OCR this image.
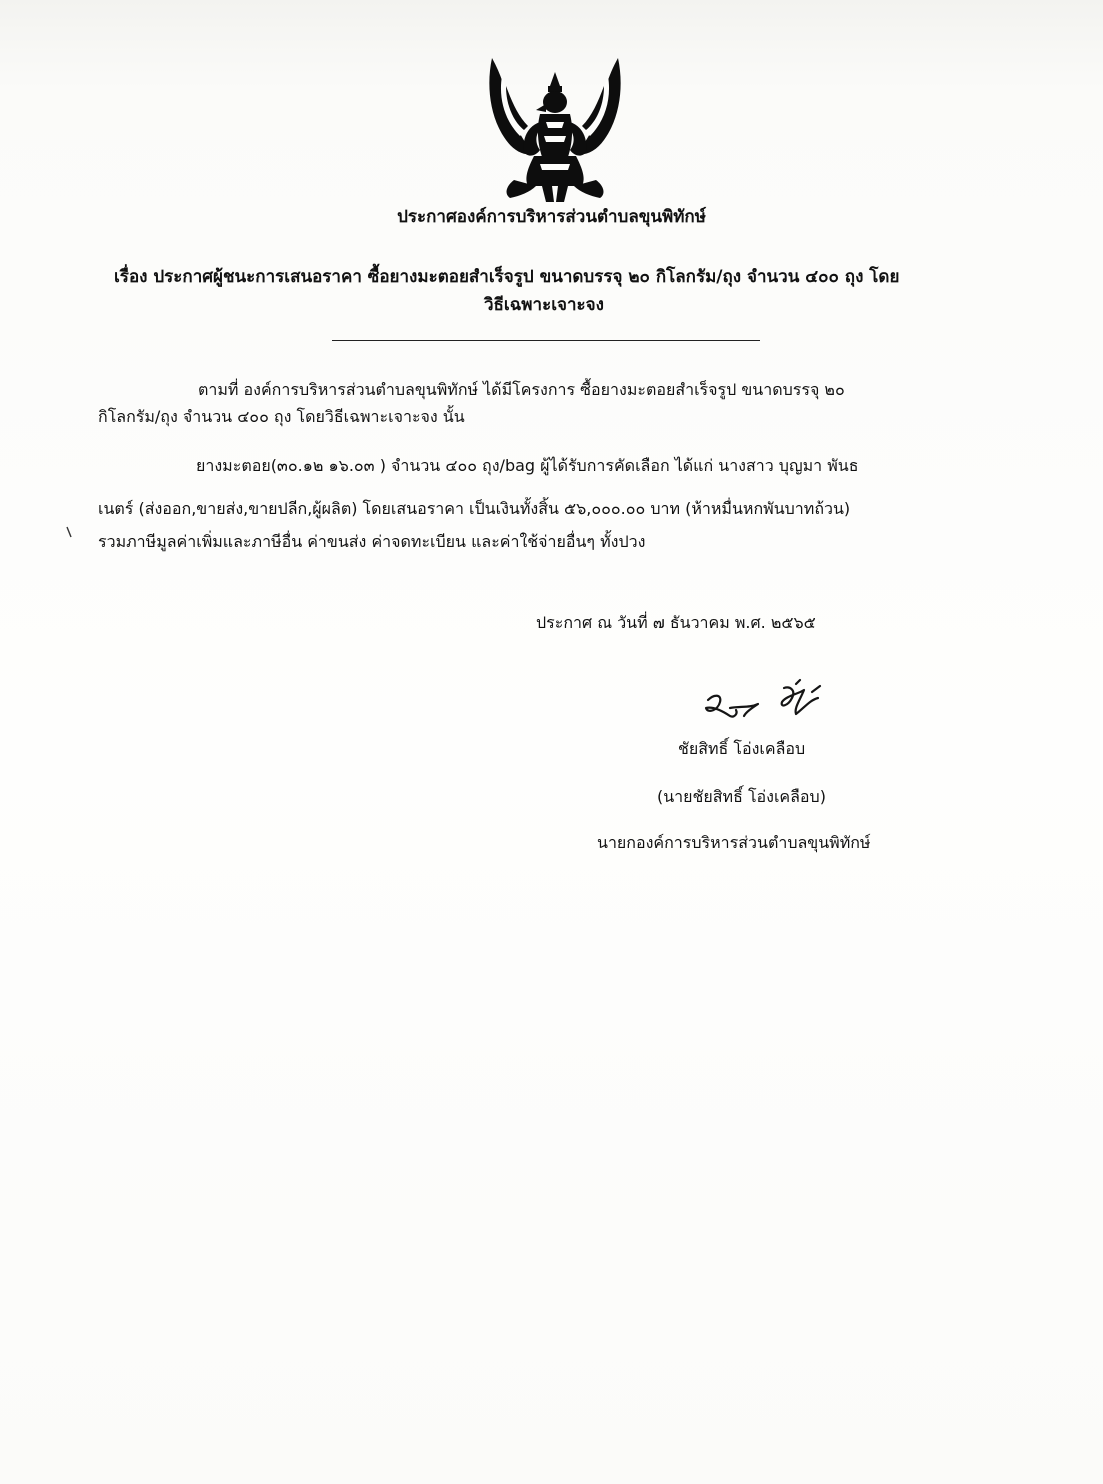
ประกาศองค์การบริหารส่วนตำบลขุนพิทักษ์
เรื่อง ประกาศผู้ชนะการเสนอราคา ซื้อยางมะตอยสำเร็จรูป ขนาดบรรจุ ๒๐ กิโลกรัม/ถุง จำนวน ๔๐๐ ถุง โดย
วิธีเฉพาะเจาะจง
ตามที่ องค์การบริหารส่วนตำบลขุนพิทักษ์ ได้มีโครงการ ซื้อยางมะตอยสำเร็จรูป ขนาดบรรจุ ๒๐
กิโลกรัม/ถุง จำนวน ๔๐๐ ถุง โดยวิธีเฉพาะเจาะจง นั้น
ยางมะตอย(๓๐.๑๒ ๑๖.๐๓ ) จำนวน ๔๐๐ ถุง/bag ผู้ได้รับการคัดเลือก ได้แก่ นางสาว บุญมา พันธ
เนตร์ (ส่งออก,ขายส่ง,ขายปลีก,ผู้ผลิต) โดยเสนอราคา เป็นเงินทั้งสิ้น ๕๖,๐๐๐.๐๐ บาท (ห้าหมื่นหกพันบาทถ้วน)
รวมภาษีมูลค่าเพิ่มและภาษีอื่น ค่าขนส่ง ค่าจดทะเบียน และค่าใช้จ่ายอื่นๆ ทั้งปวง
ประกาศ ณ วันที่ ๗ ธันวาคม พ.ศ. ๒๕๖๕
ชัยสิทธิ์ โอ่งเคลือบ
(นายชัยสิทธิ์ โอ่งเคลือบ)
นายกองค์การบริหารส่วนตำบลขุนพิทักษ์
